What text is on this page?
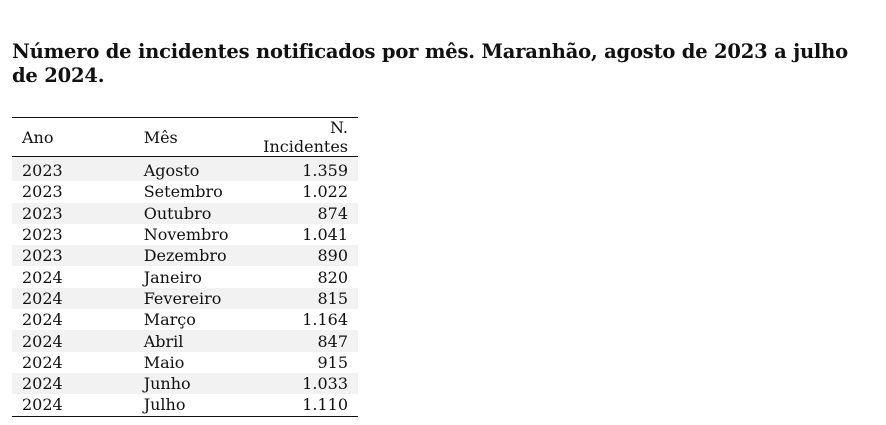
Número de incidentes notificados por mês. Maranhão, agosto de 2023 a julho de 2024.
Ano	Mês	N. Incidentes
2023	Agosto	1.359
2023	Setembro	1.022
2023	Outubro	874
2023	Novembro	1.041
2023	Dezembro	890
2024	Janeiro	820
2024	Fevereiro	815
2024	Março	1.164
2024	Abril	847
2024	Maio	915
2024	Junho	1.033
2024	Julho	1.110
